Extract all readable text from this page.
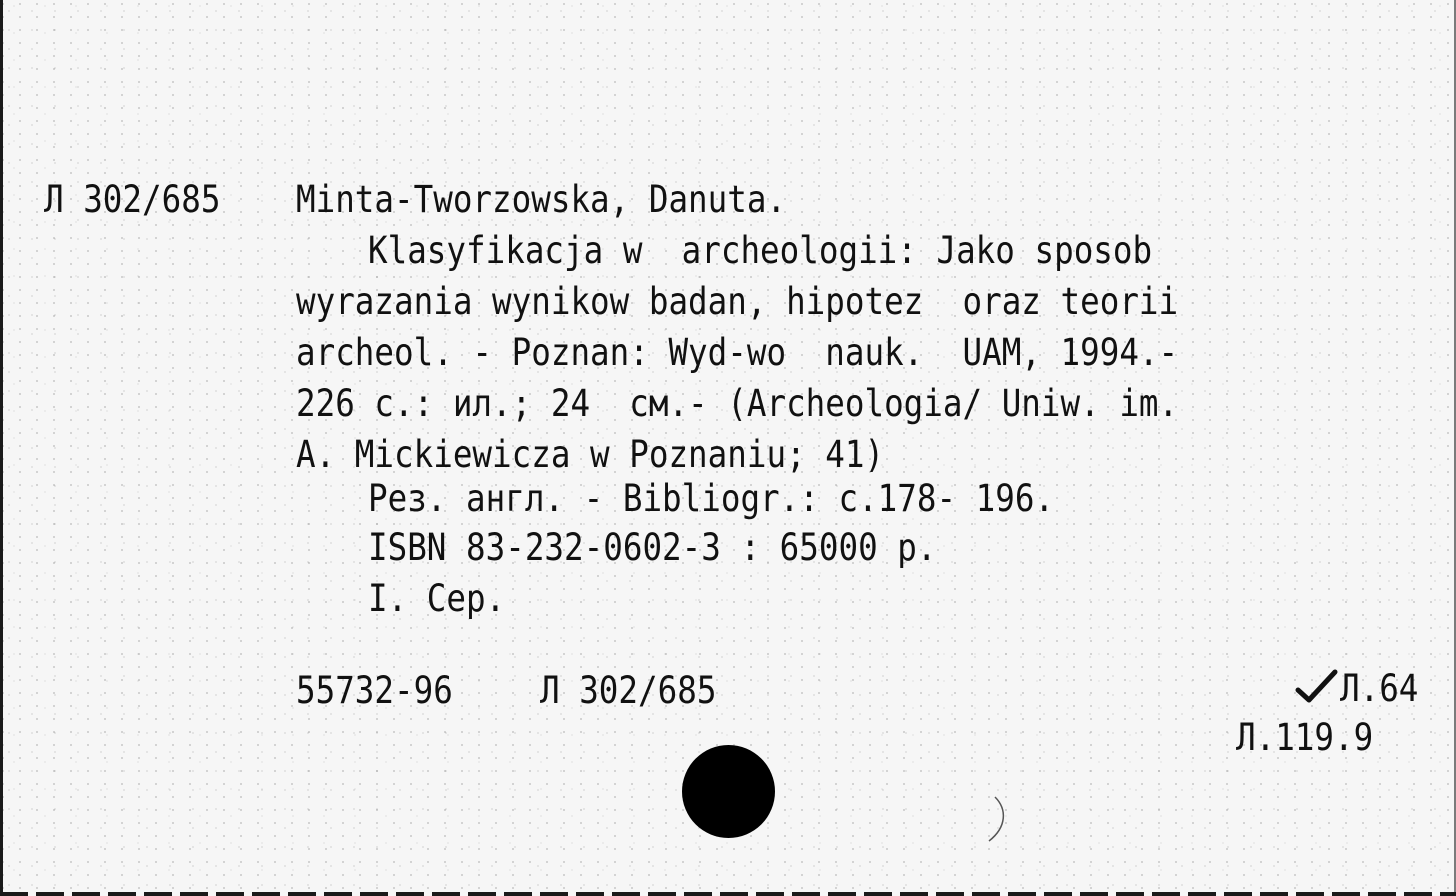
Л 302/685 Minta-Tworzowska, Danuta.
Klasyfikacja w  archeologii: Jako sposob
wyrazania wynikow badan, hipotez  oraz teorii
archeol. - Poznan: Wyd-wo  nauk.  UAM, 1994.-
226 с.: ил.; 24  см.- (Archeologia/ Uniw. im.
A. Mickiewicza w Poznaniu; 41)
Рез. англ. - Bibliogr.: с.178- 196.
ISBN 83-232-0602-3 : 65000 р.
I. Сер.
55732-96 Л 302/685	Л.64
Л.119.9
